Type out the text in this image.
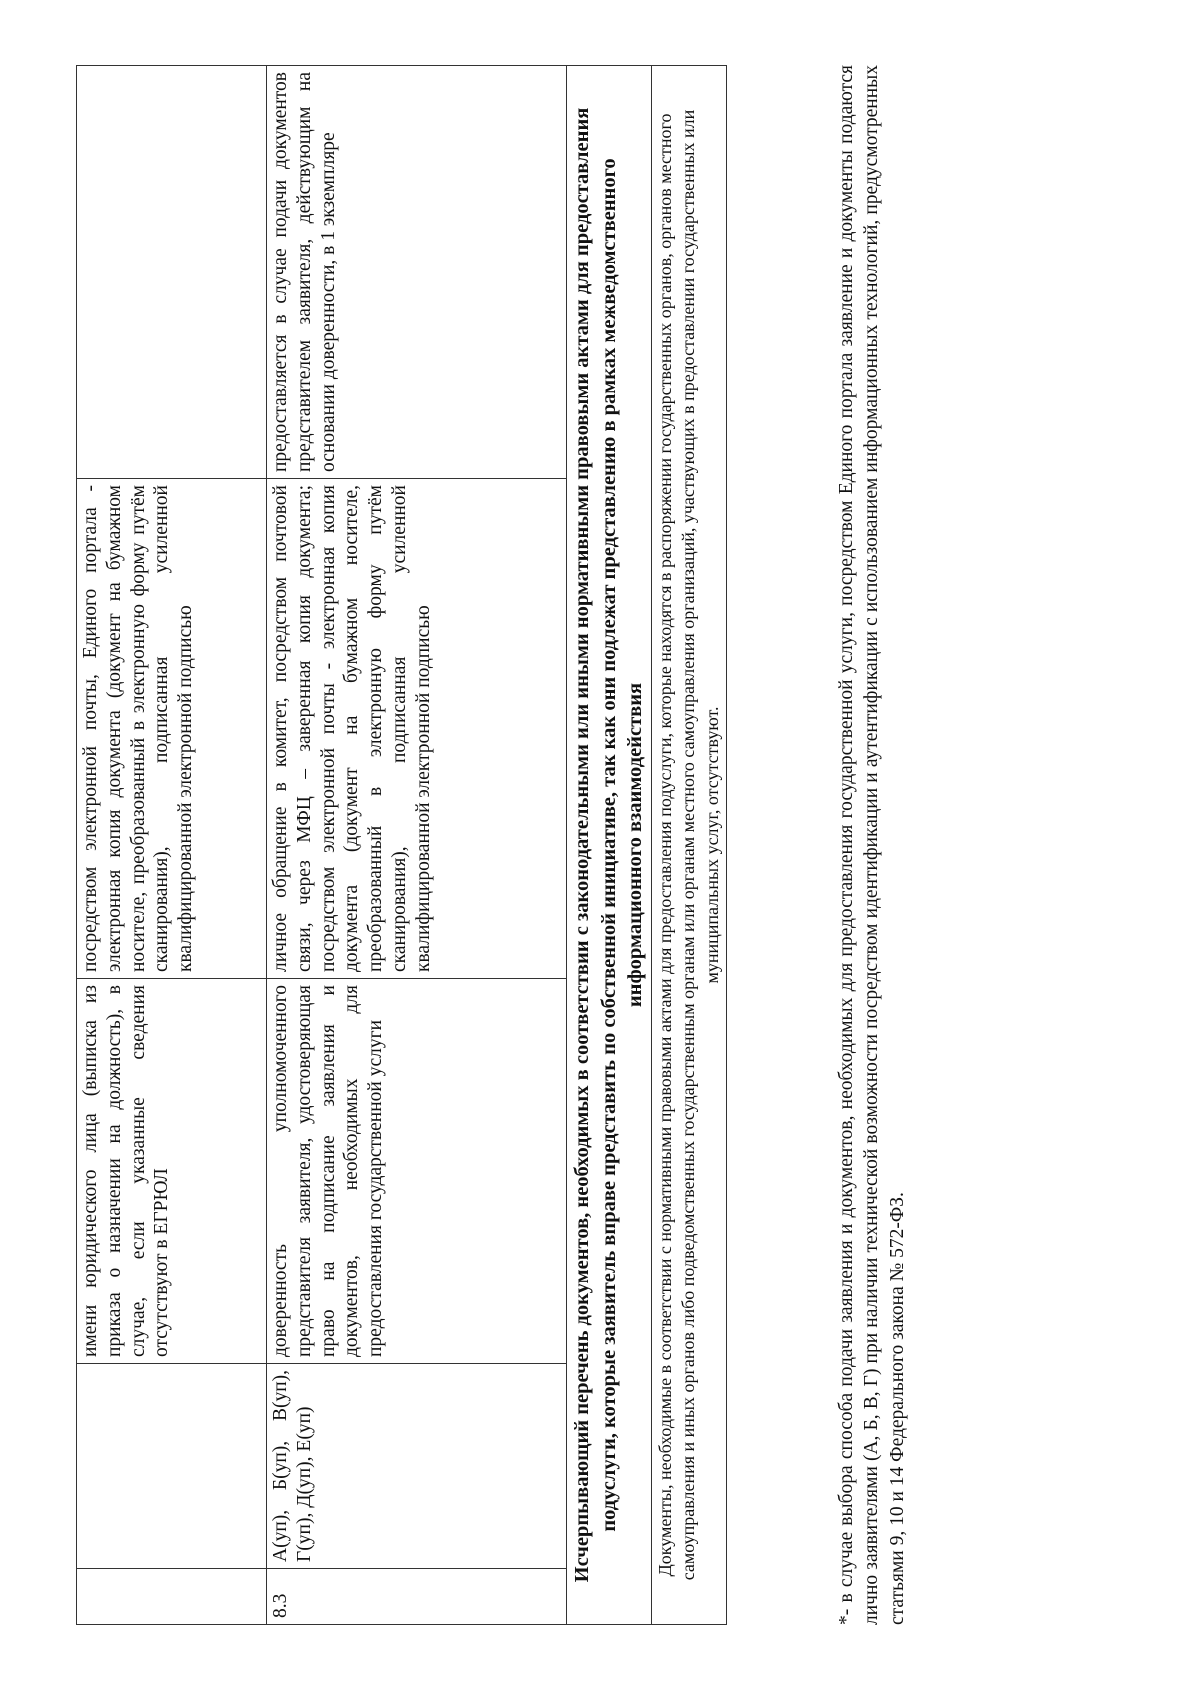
		имени юридического лица (выписка из приказа о назначении на должность), в случае, если указанные сведения отсутствуют в ЕГРЮЛ	посредством электронной почты, Единого портала - электронная копия документа (документ на бумажном носителе, преобразованный в электронную форму путём сканирования), подписанная усиленной квалифицированной электронной подписью	
8.3	А(уп), Б(уп), В(уп), Г(уп), Д(уп), Е(уп)	доверенность уполномоченного представителя заявителя, удостоверяющая право на подписание заявления и документов, необходимых для предоставления государственной услуги	личное обращение в комитет, посредством почтовой связи, через МФЦ – заверенная копия документа; посредством электронной почты - электронная копия документа (документ на бумажном носителе, преобразованный в электронную форму путём сканирования), подписанная усиленной квалифицированной электронной подписью	предоставляется в случае подачи документов представителем заявителя, действующим на основании доверенности, в 1 экземпляре
Исчерпывающий перечень документов, необходимых в соответствии с законодательными или иными нормативными правовыми актами для предоставления подуслуги, которые заявитель вправе представить по собственной инициативе, так как они подлежат представлению в рамках межведомственного информационного взаимодействия				
Документы, необходимые в соответствии с нормативными правовыми актами для предоставления подуслуги, которые находятся в распоряжении государственных органов, органов местного самоуправления и иных органов либо подведомственных государственным органам или органам местного самоуправления организаций, участвующих в предоставлении государственных или муниципальных услуг, отсутствуют.					*- в случае выбора способа подачи заявления и документов, необходимых для предоставления государственной услуги, посредством Единого портала заявление и документы подаются лично заявителями (А, Б, В, Г) при наличии технической возможности посредством идентификации и аутентификации с использованием информационных технологий, предусмотренных статьями 9, 10 и 14 Федерального закона № 572-ФЗ.
